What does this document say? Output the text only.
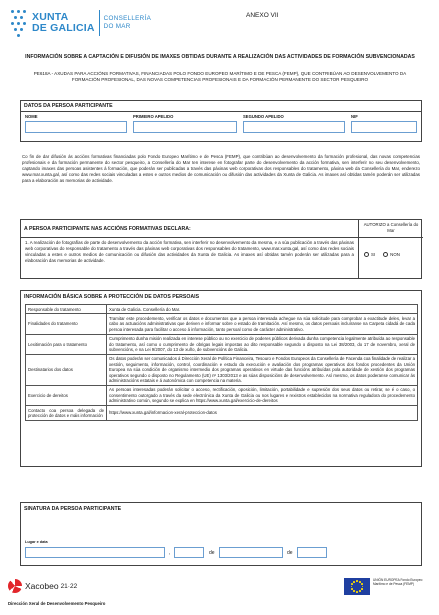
XUNTA
DE GALICIA
CONSELLERÍA
DO MAR
ANEXO VII
INFORMACIÓN SOBRE A CAPTACIÓN E DIFUSIÓN DE IMAXES OBTIDAS DURANTE A REALIZACIÓN DAS ACTIVIDADES DE FORMACIÓN SUBVENCIONADAS
PE618A - AXUDAS PARA ACCIÓNS FORMATIVAS, FINANCIADAS POLO FONDO EUROPEO MARÍTIMO E DE PESCA (FEMP), QUE CONTRIBÚAN AO DESENVOLVEMENTO DA FORMACIÓN PROFESIONAL, DAS NOVAS COMPETENCIAS PROFESIONAIS E DA FORMACIÓN PERMANENTE DO SECTOR PESQUEIRO
DATOS DA PERSOA PARTICIPANTE
NOME	PRIMEIRO APELIDO	SEGUNDO APELIDO	NIF
Co fin de dar difusión ás accións formativas financiadas polo Fondo Europeo Marítimo e de Pesca (FEMP), que contribúan ao desenvolvemento da formación profesional, das novas competencias profesionais e da formación permanente do sector pesqueiro, a Consellería do Mar ten interese en fotografar parte do desenvolvemento da acción formativa, sen interferir no seu desenvolvemento, captando imaxes das persoas asistentes á formación, que poderán ser publicadas a través das páxinas web corporativas dos responsables do tratamento, páxina web da Consellería do Mar, enderezo www.mar.xunta.gal, así como das redes sociais vinculadas a estes e outros medios de comunicación ou difusión das actividades da Xunta de Galicia. As imaxes así obtidas tamén poderán ser utilizadas para a elaboración as memorias de actividade.
A PERSOA PARTICIPANTE NAS ACCIÓNS FORMATIVAS DECLARA:
1. A realización de fotografías de parte do desenvolvemento da acción formativa, sen interferir no desenvolvemento da mesma, e a súa publicación a través das páxinas web corporativas do responsable do tratamento a través das páxinas web corporativas dos responsables do tratamento, www.mar.xunta.gal, así como das redes sociais vinculadas a estes e outros medios de comunicación ou difusión das actividades da Xunta de Galicia. As imaxes así obtidas tamén poderán ser utilizadas para a elaboración das memorias de actividade.
AUTORIZO a Consellería do Mar
SI	NON
INFORMACIÓN BÁSICA SOBRE A PROTECCIÓN DE DATOS PERSOAIS
Responsable do tratamento	Xunta de Galicia. Consellería do Mar.
Finalidades do tratamento	Tramitar este procedemento, verificar os datos e documentos que a persoa interesada achegue na súa solicitude para comprobar a exactitude deles, levar a cabo as actuacións administrativas que deriven e informar sobre o estado de tramitación. Así mesmo, os datos persoais incluíranse na Carpeta cidadá de cada persoa interesada para facilitar o acceso á información, tanto persoal como de carácter administrativo.
Lexitimación para o tratamento	Cumprimento dunha misión realizada en interese público ou no exercicio de poderes públicos derivada dunha competencia legalmente atribuída ao responsable do tratamento, así como o cumprimento de obrigas legais impostas ao dito responsable segundo o disposto na Lei 38/2003, do 17 de novembro, xeral de subvencións, e na Lei 9/2007, do 13 de xuño, de subvencións de Galicia.
Destinatarios dos datos	Os datos poderán ser comunicados á Dirección Xeral de Política Financeira, Tesouro e Fondos Europeos da Consellería de Facenda coa finalidade de realizar a xestión, seguimento, información, control, coordinación e estudo da execución e avaliación dos programas operativos dos fondos procedentes da Unión Europea na súa condición de organismo intermedio dos programas operativos en virtude das funcións atribuídas pola autoridade de xestión dos programas operativos segundo o disposto no Regulamento (UE) nº 1303/2013 e as súas disposicións de desenvolvemento. Así mesmo, os datos poderanse comunicar ás administracións estatais e á autonómica con competencia na materia.
Exercicio de dereitos	As persoas interesadas poderán solicitar o acceso, rectificación, oposición, limitación, portabilidade e supresión dos seus datos ou retirar, se é o caso, o consentimento outorgado a través da sede electrónica da Xunta de Galicia ou nos lugares e rexistros establecidos na normativa reguladora do procedemento administrativo común, segundo se explica en https://www.xunta.gal/exercicio-de-dereitos
Contacto coa persoa delegada de protección de datos e máis información	https://www.xunta.gal/informacion-xeral-proteccion-datos
SINATURA DA PERSOA PARTICIPANTE
Lugar e data
,	de	de
Xacobeo 21·22
Dirección Xeral de Desenvolvemento Pesqueiro
UNIÓN EUROPEA Fondo Europeo Marítimo e de Pesca (FEMP)
